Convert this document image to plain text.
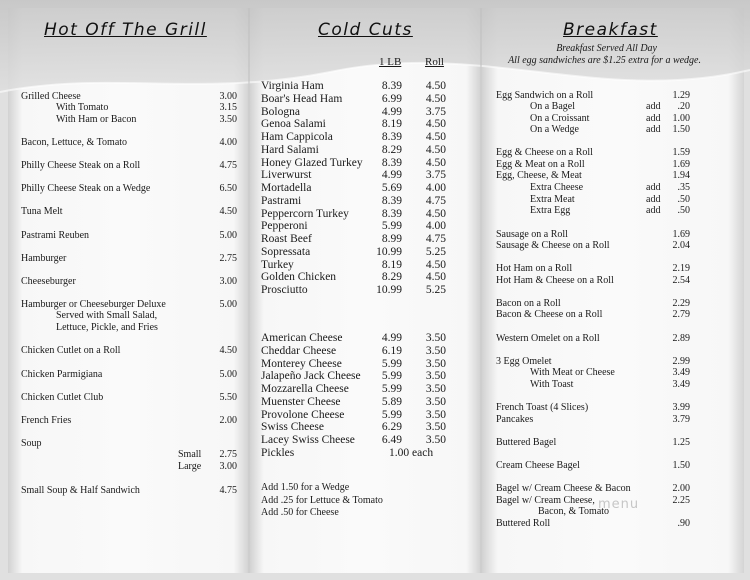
Hot Off The Grill	Cold Cuts	Breakfast
Breakfast Served All Day
All egg sandwiches are $1.25 extra for a wedge.
1 LB Roll
Grilled Cheese	3.00
With Tomato	3.15
With Ham or Bacon	3.50
Bacon, Lettuce, & Tomato	4.00
Philly Cheese Steak on a Roll	4.75
Philly Cheese Steak on a Wedge	6.50
Tuna Melt	4.50
Pastrami Reuben	5.00
Hamburger	2.75
Cheeseburger	3.00
Hamburger or Cheeseburger Deluxe	5.00
Served with Small Salad,
Lettuce, Pickle, and Fries
Chicken Cutlet on a Roll	4.50
Chicken Parmigiana	5.00
Chicken Cutlet Club	5.50
French Fries	2.00
Soup
Small 2.75
Large 3.00
Small Soup & Half Sandwich	4.75
Virginia Ham	8.39 4.50
Boar's Head Ham	6.99 4.50
Bologna	4.99 3.75
Genoa Salami	8.19 4.50
Ham Cappicola	8.39 4.50
Hard Salami	8.29 4.50
Honey Glazed Turkey 8.39 4.50
Liverwurst	4.99 3.75
Mortadella	5.69 4.00
Pastrami	8.39 4.75
Peppercorn Turkey	8.39 4.50
Pepperoni	5.99 4.00
Roast Beef	8.99 4.75
Sopressata	10.99 5.25
Turkey	8.19 4.50
Golden Chicken	8.29 4.50
Prosciutto	10.99 5.25
American Cheese	4.99 3.50
Cheddar Cheese	6.19 3.50
Monterey Cheese	5.99 3.50
Jalapeño Jack Cheese 5.99 3.50
Mozzarella Cheese	5.99 3.50
Muenster Cheese	5.89 3.50
Provolone Cheese	5.99 3.50
Swiss Cheese	6.29 3.50
Lacey Swiss Cheese 6.49 3.50
Pickles	1.00 each
Add 1.50 for a Wedge
Add .25 for Lettuce & Tomato
Add .50 for Cheese
Egg Sandwich on a Roll	1.29
On a Bagel	add .20
On a Croissant	add 1.00
On a Wedge	add 1.50
Egg & Cheese on a Roll	1.59
Egg & Meat on a Roll	1.69
Egg, Cheese, & Meat	1.94
Extra Cheese	add .35
Extra Meat	add .50
Extra Egg	add .50
Sausage on a Roll	1.69
Sausage & Cheese on a Roll	2.04
Hot Ham on a Roll	2.19
Hot Ham & Cheese on a Roll	2.54
Bacon on a Roll	2.29
Bacon & Cheese on a Roll	2.79
Western Omelet on a Roll	2.89
3 Egg Omelet	2.99
With Meat or Cheese	3.49
With Toast	3.49
French Toast (4 Slices)	3.99
Pancakes	3.79
Buttered Bagel	1.25
Cream Cheese Bagel	1.50
Bagel w/ Cream Cheese & Bacon	2.00
Bagel w/ Cream Cheese,	2.25
Bacon, & Tomato
Buttered Roll	.90
menu
